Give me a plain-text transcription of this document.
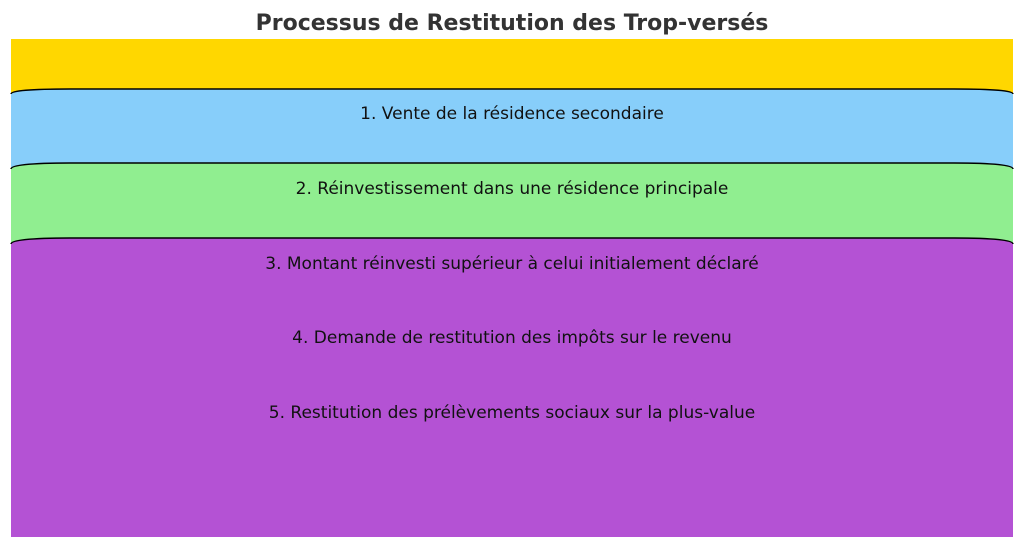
Processus de Restitution des Trop-versés
1. Vente de la résidence secondaire
2. Réinvestissement dans une résidence principale
3. Montant réinvesti supérieur à celui initialement déclaré
4. Demande de restitution des impôts sur le revenu
5. Restitution des prélèvements sociaux sur la plus-value
